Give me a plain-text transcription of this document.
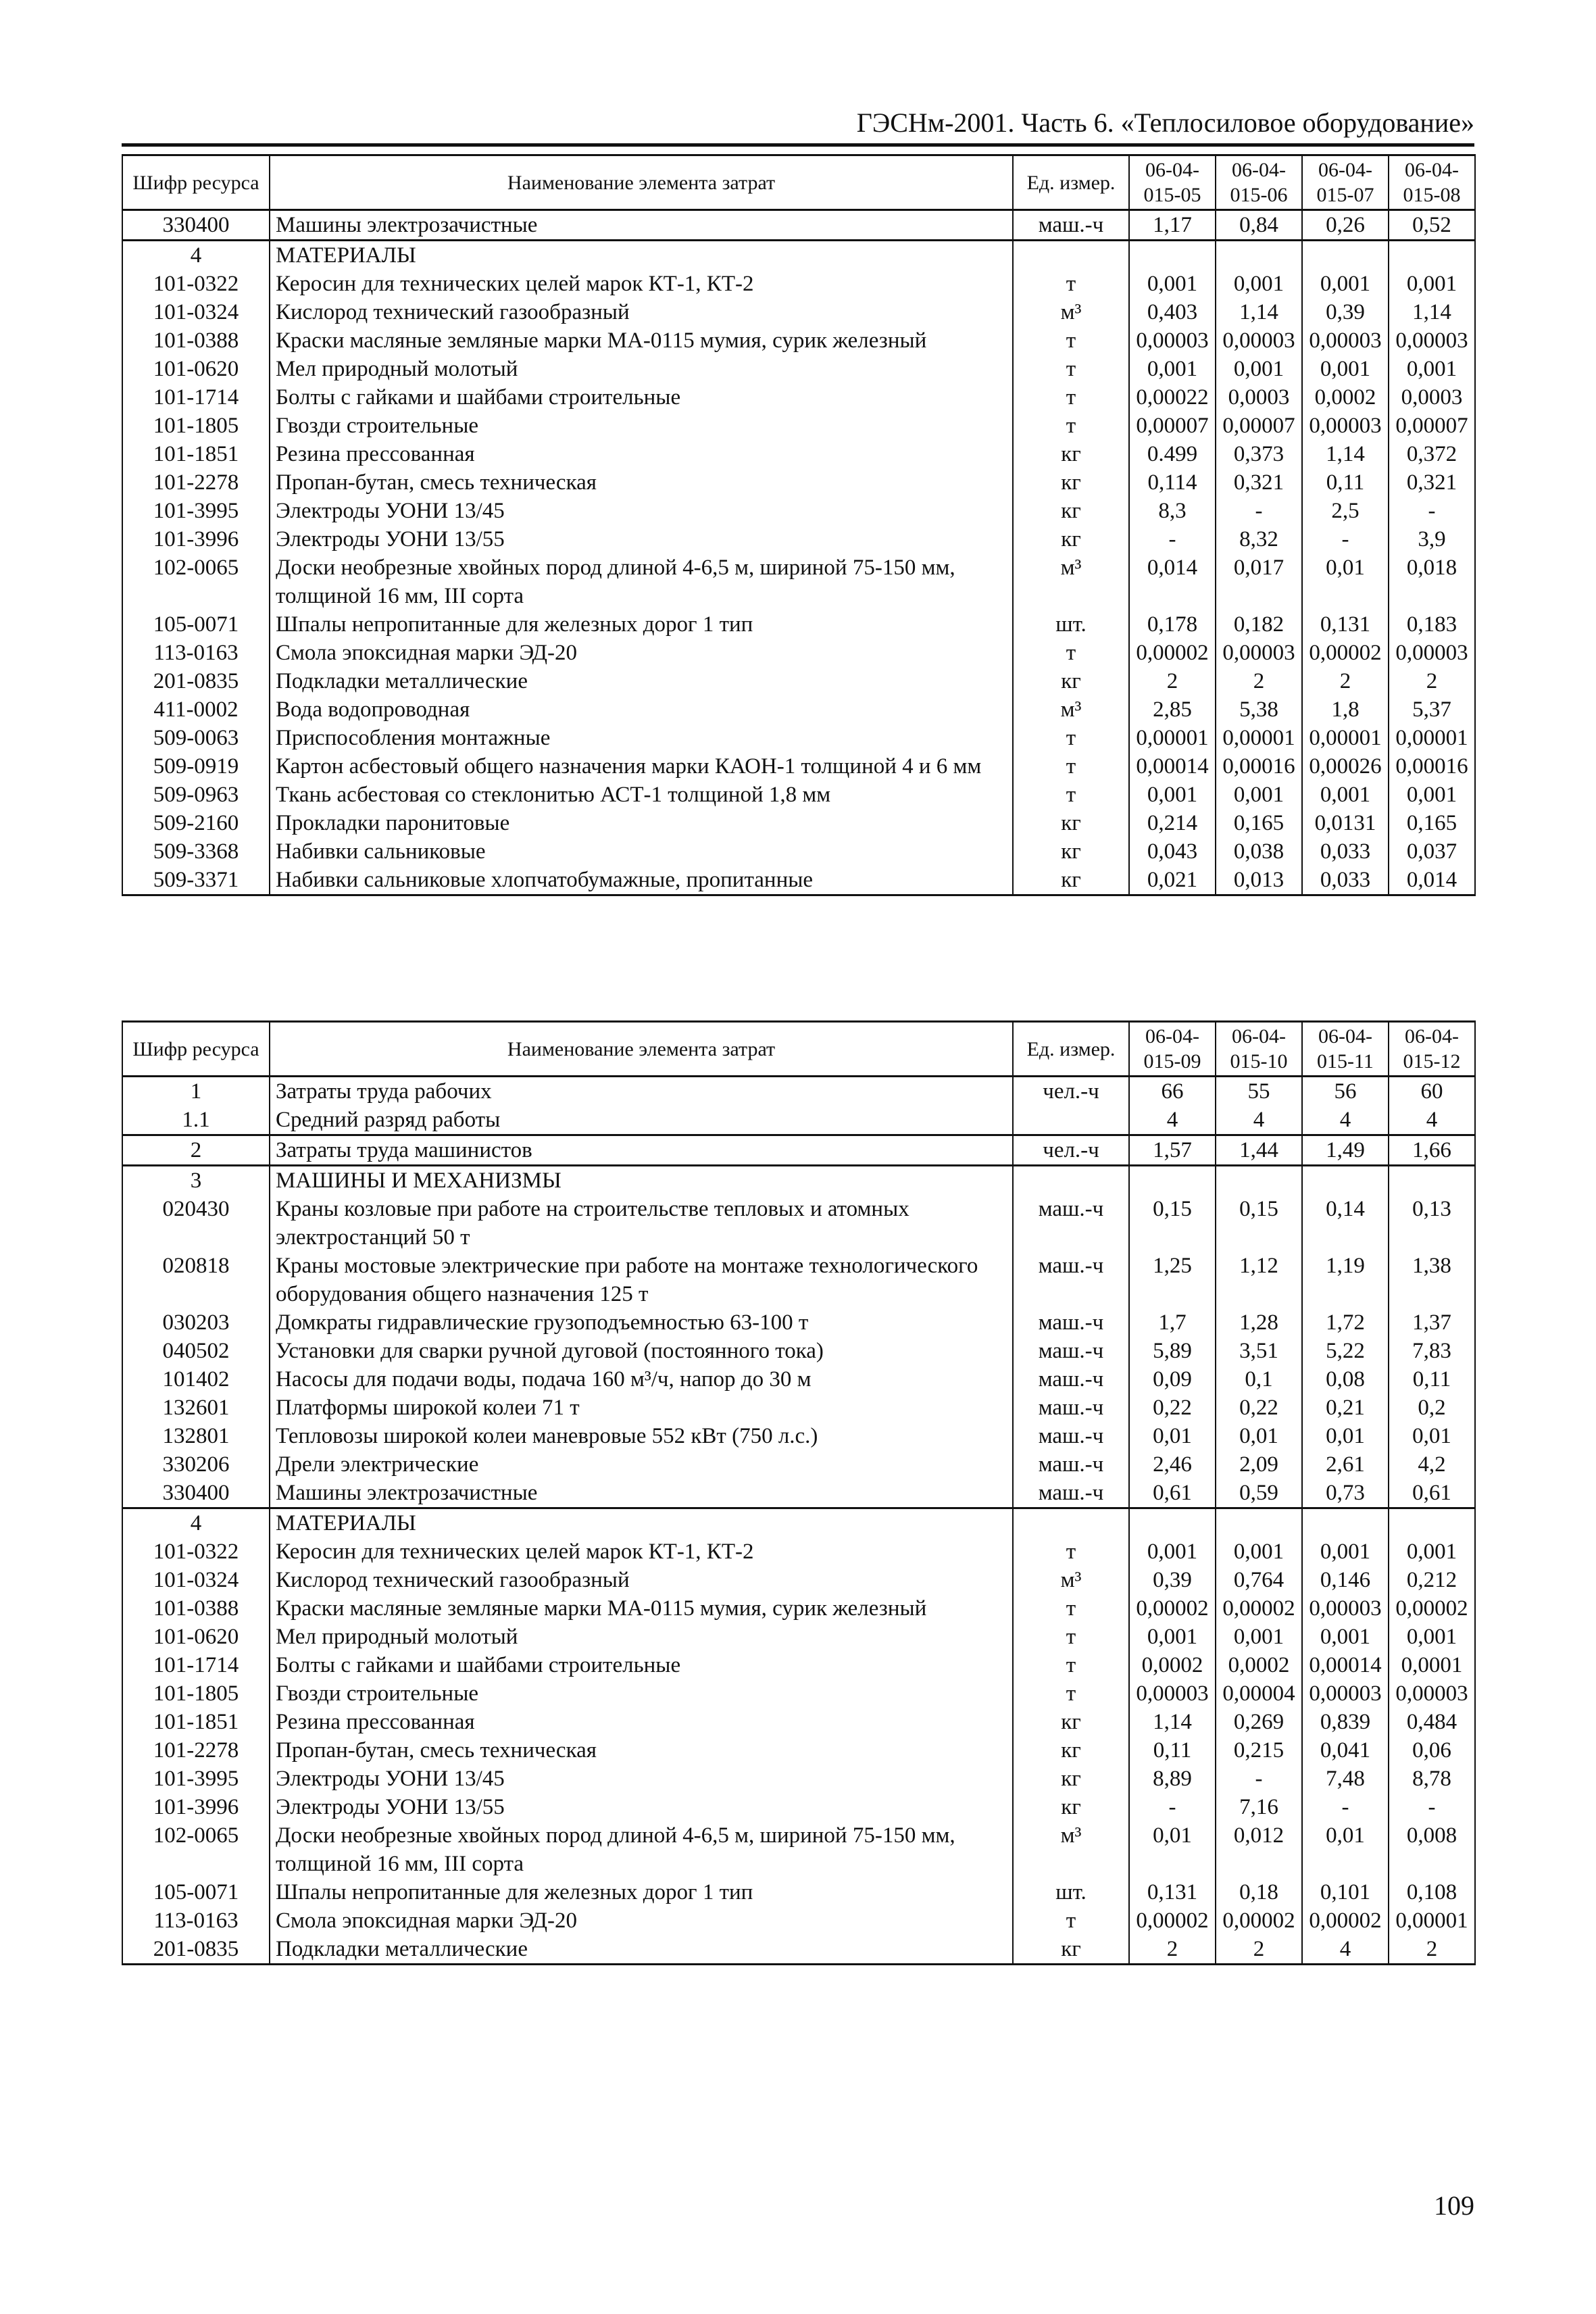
ГЭСНм-2001. Часть 6. «Теплосиловое оборудование»
Шифр ресурса	Наименование элемента затрат	Ед. измер.	06-04-015-05	06-04-015-06	06-04-015-07	06-04-015-08
330400	Машины электрозачистные	маш.-ч	1,17	0,84	0,26	0,52
4	МАТЕРИАЛЫ					
101-0322	Керосин для технических целей марок КТ-1, КТ-2	т	0,001	0,001	0,001	0,001
101-0324	Кислород технический газообразный	м³	0,403	1,14	0,39	1,14
101-0388	Краски масляные земляные марки МА-0115 мумия, сурик железный	т	0,00003	0,00003	0,00003	0,00003
101-0620	Мел природный молотый	т	0,001	0,001	0,001	0,001
101-1714	Болты с гайками и шайбами строительные	т	0,00022	0,0003	0,0002	0,0003
101-1805	Гвозди строительные	т	0,00007	0,00007	0,00003	0,00007
101-1851	Резина прессованная	кг	0.499	0,373	1,14	0,372
101-2278	Пропан-бутан, смесь техническая	кг	0,114	0,321	0,11	0,321
101-3995	Электроды УОНИ 13/45	кг	8,3	-	2,5	-
101-3996	Электроды УОНИ 13/55	кг	-	8,32	-	3,9
102-0065	Доски необрезные хвойных пород длиной 4-6,5 м, шириной 75-150 мм, толщиной 16 мм, III сорта	м³	0,014	0,017	0,01	0,018
105-0071	Шпалы непропитанные для железных дорог 1 тип	шт.	0,178	0,182	0,131	0,183
113-0163	Смола эпоксидная марки ЭД-20	т	0,00002	0,00003	0,00002	0,00003
201-0835	Подкладки металлические	кг	2	2	2	2
411-0002	Вода водопроводная	м³	2,85	5,38	1,8	5,37
509-0063	Приспособления монтажные	т	0,00001	0,00001	0,00001	0,00001
509-0919	Картон асбестовый общего назначения марки КАОН-1 толщиной 4 и 6 мм	т	0,00014	0,00016	0,00026	0,00016
509-0963	Ткань асбестовая со стеклонитью АСТ-1 толщиной 1,8 мм	т	0,001	0,001	0,001	0,001
509-2160	Прокладки паронитовые	кг	0,214	0,165	0,0131	0,165
509-3368	Набивки сальниковые	кг	0,043	0,038	0,033	0,037
509-3371	Набивки сальниковые хлопчатобумажные, пропитанные	кг	0,021	0,013	0,033	0,014
Шифр ресурса	Наименование элемента затрат	Ед. измер.	06-04-015-09	06-04-015-10	06-04-015-11	06-04-015-12
1	Затраты труда рабочих	чел.-ч	66	55	56	60
1.1	Средний разряд работы		4	4	4	4
2	Затраты труда машинистов	чел.-ч	1,57	1,44	1,49	1,66
3	МАШИНЫ И МЕХАНИЗМЫ					
020430	Краны козловые при работе на строительстве тепловых и атомных электростанций 50 т	маш.-ч	0,15	0,15	0,14	0,13
020818	Краны мостовые электрические при работе на монтаже технологического оборудования общего назначения 125 т	маш.-ч	1,25	1,12	1,19	1,38
030203	Домкраты гидравлические грузоподъемностью 63-100 т	маш.-ч	1,7	1,28	1,72	1,37
040502	Установки для сварки ручной дуговой (постоянного тока)	маш.-ч	5,89	3,51	5,22	7,83
101402	Насосы для подачи воды, подача 160 м³/ч, напор до 30 м	маш.-ч	0,09	0,1	0,08	0,11
132601	Платформы широкой колеи 71 т	маш.-ч	0,22	0,22	0,21	0,2
132801	Тепловозы широкой колеи маневровые 552 кВт (750 л.с.)	маш.-ч	0,01	0,01	0,01	0,01
330206	Дрели электрические	маш.-ч	2,46	2,09	2,61	4,2
330400	Машины электрозачистные	маш.-ч	0,61	0,59	0,73	0,61
4	МАТЕРИАЛЫ					
101-0322	Керосин для технических целей марок КТ-1, КТ-2	т	0,001	0,001	0,001	0,001
101-0324	Кислород технический газообразный	м³	0,39	0,764	0,146	0,212
101-0388	Краски масляные земляные марки МА-0115 мумия, сурик железный	т	0,00002	0,00002	0,00003	0,00002
101-0620	Мел природный молотый	т	0,001	0,001	0,001	0,001
101-1714	Болты с гайками и шайбами строительные	т	0,0002	0,0002	0,00014	0,0001
101-1805	Гвозди строительные	т	0,00003	0,00004	0,00003	0,00003
101-1851	Резина прессованная	кг	1,14	0,269	0,839	0,484
101-2278	Пропан-бутан, смесь техническая	кг	0,11	0,215	0,041	0,06
101-3995	Электроды УОНИ 13/45	кг	8,89	-	7,48	8,78
101-3996	Электроды УОНИ 13/55	кг	-	7,16	-	-
102-0065	Доски необрезные хвойных пород длиной 4-6,5 м, шириной 75-150 мм, толщиной 16 мм, III сорта	м³	0,01	0,012	0,01	0,008
105-0071	Шпалы непропитанные для железных дорог 1 тип	шт.	0,131	0,18	0,101	0,108
113-0163	Смола эпоксидная марки ЭД-20	т	0,00002	0,00002	0,00002	0,00001
201-0835	Подкладки металлические	кг	2	2	4	2
109
